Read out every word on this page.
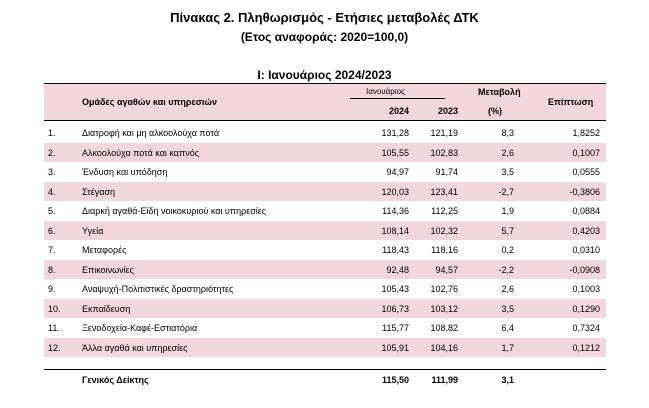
Πίνακας 2. Πληθωρισμός - Ετήσιες μεταβολές ΔΤΚ
(Ετος αναφοράς: 2020=100,0)
Ι: Ιανουάριος 2024/2023
Ομάδες αγαθών και υπηρεσιών
Ιανουάριος
2024	2023
Μεταβολή
(%)
Επίπτωση
1.	Διατροφή και μη αλκοολούχα ποτά	131,28 121,19	8,3	1,8252
2.	Αλκοολούχα ποτά και καπνός	105,55 102,83	2,6	0,1007
3.	Ένδυση και υπόδηση	94,97	91,74	3,5	0,0555
4.	Στέγαση	120,03 123,41	-2,7	-0,3806
5.	Διαρκή αγαθά-Είδη νοικοκυριού και υπηρεσίες	114,36 112,25	1,9	0,0884
6.	Υγεία	108,14 102,32	5,7	0,4203
7.	Μεταφορές	118,43 118,16	0,2	0,0310
8.	Επικοινωνίες	92,48	94,57	-2,2	-0,0908
9.	Αναψυχή-Πολιτιστικές δραστηριότητες	105,43 102,76	2,6	0,1003
10. Εκπαίδευση	106,73 103,12	3,5	0,1290
11. Ξενοδοχεία-Καφέ-Εστιατόρια	115,77 108,82	6,4	0,7324
12. Άλλα αγαθά και υπηρεσίες	105,91 104,16	1,7	0,1212
Γενικός Δείκτης	115,50 111,99	3,1
